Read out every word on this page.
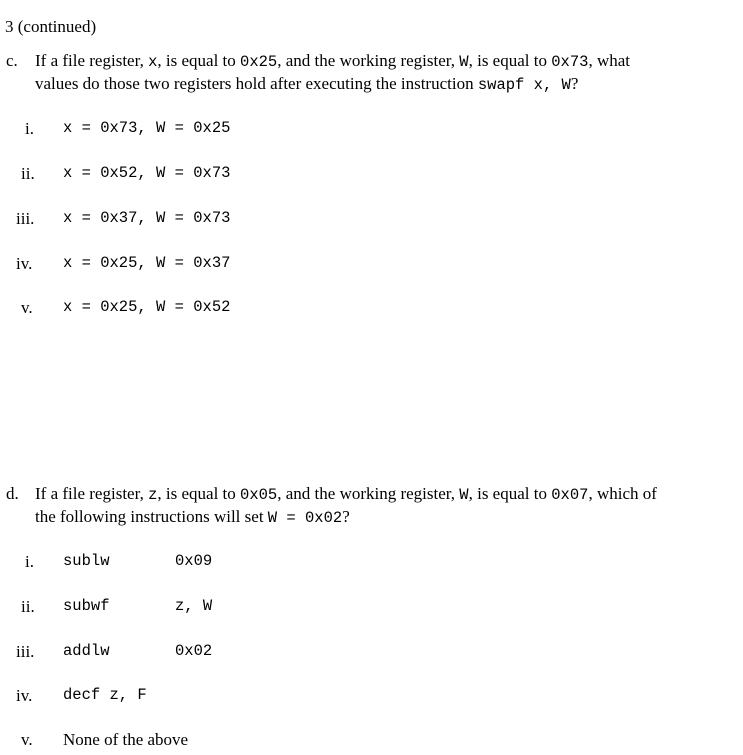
3 (continued)
c. If a file register, x, is equal to 0x25, and the working register, W, is equal to 0x73, what
values do those two registers hold after executing the instruction swapf x, W?
i. x = 0x73, W = 0x25
ii. x = 0x52, W = 0x73
iii. x = 0x37, W = 0x73
iv. x = 0x25, W = 0x37
v. x = 0x25, W = 0x52
d. If a file register, z, is equal to 0x05, and the working register, W, is equal to 0x07, which of
the following instructions will set W = 0x02?
i. sublw	0x09
ii. subwf	z, W
iii. addlw	0x02
iv. decf z, F
v. None of the above
